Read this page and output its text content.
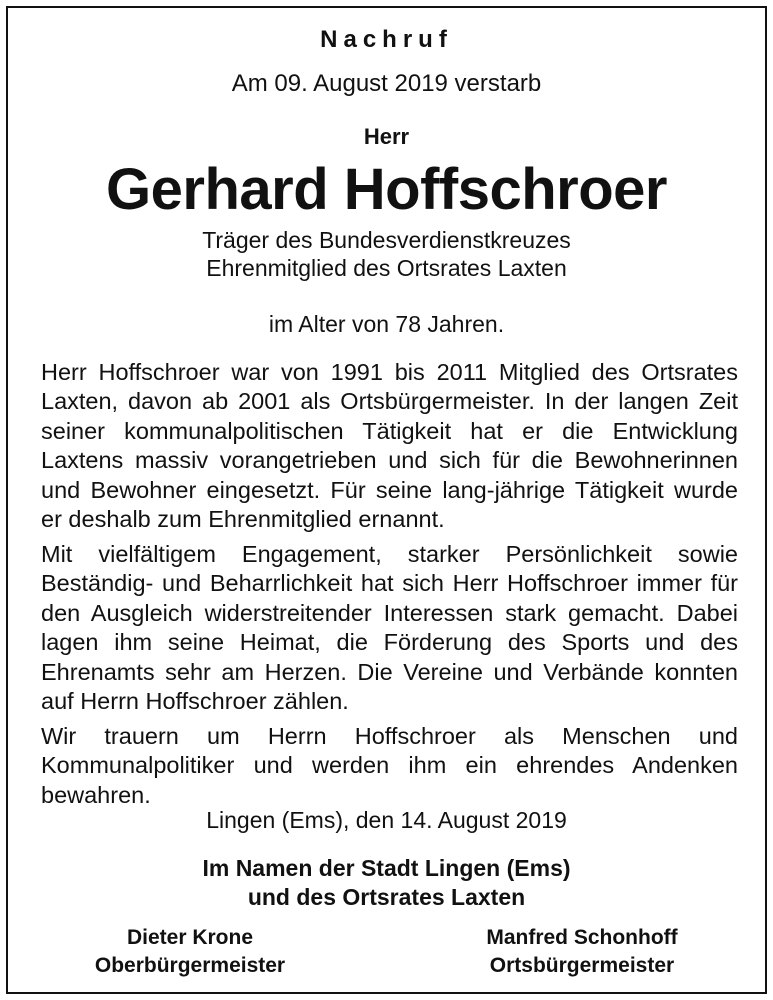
Nachruf
Am 09. August 2019 verstarb
Herr
Gerhard Hoffschroer
Träger des Bundesverdienstkreuzes
Ehrenmitglied des Ortsrates Laxten
im Alter von 78 Jahren.
Herr Hoffschroer war von 1991 bis 2011 Mitglied des Ortsrates Laxten, davon ab 2001 als Ortsbürgermeister. In der langen Zeit seiner kommunalpolitischen Tätigkeit hat er die Entwicklung Laxtens massiv vorangetrieben und sich für die Bewohnerinnen und Bewohner eingesetzt. Für seine lang-jährige Tätigkeit wurde er deshalb zum Ehrenmitglied ernannt.
Mit vielfältigem Engagement, starker Persönlichkeit sowie Beständig- und Beharrlichkeit hat sich Herr Hoffschroer immer für den Ausgleich widerstreitender Interessen stark gemacht. Dabei lagen ihm seine Heimat, die Förderung des Sports und des Ehrenamts sehr am Herzen. Die Vereine und Verbände konnten auf Herrn Hoffschroer zählen.
Wir trauern um Herrn Hoffschroer als Menschen und Kommunalpolitiker und werden ihm ein ehrendes Andenken bewahren.
Lingen (Ems), den 14. August 2019
Im Namen der Stadt Lingen (Ems)
und des Ortsrates Laxten
Dieter Krone
Oberbürgermeister
Manfred Schonhoff
Ortsbürgermeister
